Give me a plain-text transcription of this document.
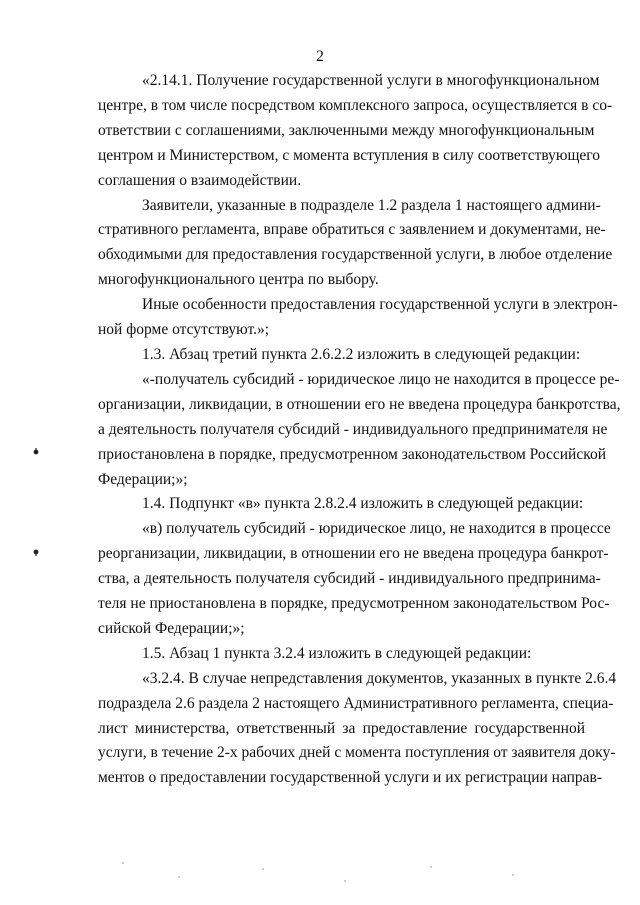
2
«2.14.1. Получение государственной услуги в многофункциональном
центре, в том числе посредством комплексного запроса, осуществляется в со-
ответствии с соглашениями, заключенными между многофункциональным
центром и Министерством, с момента вступления в силу соответствующего
соглашения о взаимодействии.
Заявители, указанные в подразделе 1.2 раздела 1 настоящего админи-
стративного регламента, вправе обратиться с заявлением и документами, не-
обходимыми для предоставления государственной услуги, в любое отделение
многофункционального центра по выбору.
Иные особенности предоставления государственной услуги в электрон-
ной форме отсутствуют.»;
1.3. Абзац третий пункта 2.6.2.2 изложить в следующей редакции:
«-получатель субсидий - юридическое лицо не находится в процессе ре-
организации, ликвидации, в отношении его не введена процедура банкротства,
а деятельность получателя субсидий - индивидуального предпринимателя не
приостановлена в порядке, предусмотренном законодательством Российской
Федерации;»;
1.4. Подпункт «в» пункта 2.8.2.4 изложить в следующей редакции:
«в) получатель субсидий - юридическое лицо, не находится в процессе
реорганизации, ликвидации, в отношении его не введена процедура банкрот-
ства, а деятельность получателя субсидий - индивидуального предпринима-
теля не приостановлена в порядке, предусмотренном законодательством Рос-
сийской Федерации;»;
1.5. Абзац 1 пункта 3.2.4 изложить в следующей редакции:
«3.2.4. В случае непредставления документов, указанных в пункте 2.6.4
подраздела 2.6 раздела 2 настоящего Административного регламента, специа-
лист министерства, ответственный за предоставление государственной
услуги, в течение 2-х рабочих дней с момента поступления от заявителя доку-
ментов о предоставлении государственной услуги и их регистрации направ-
